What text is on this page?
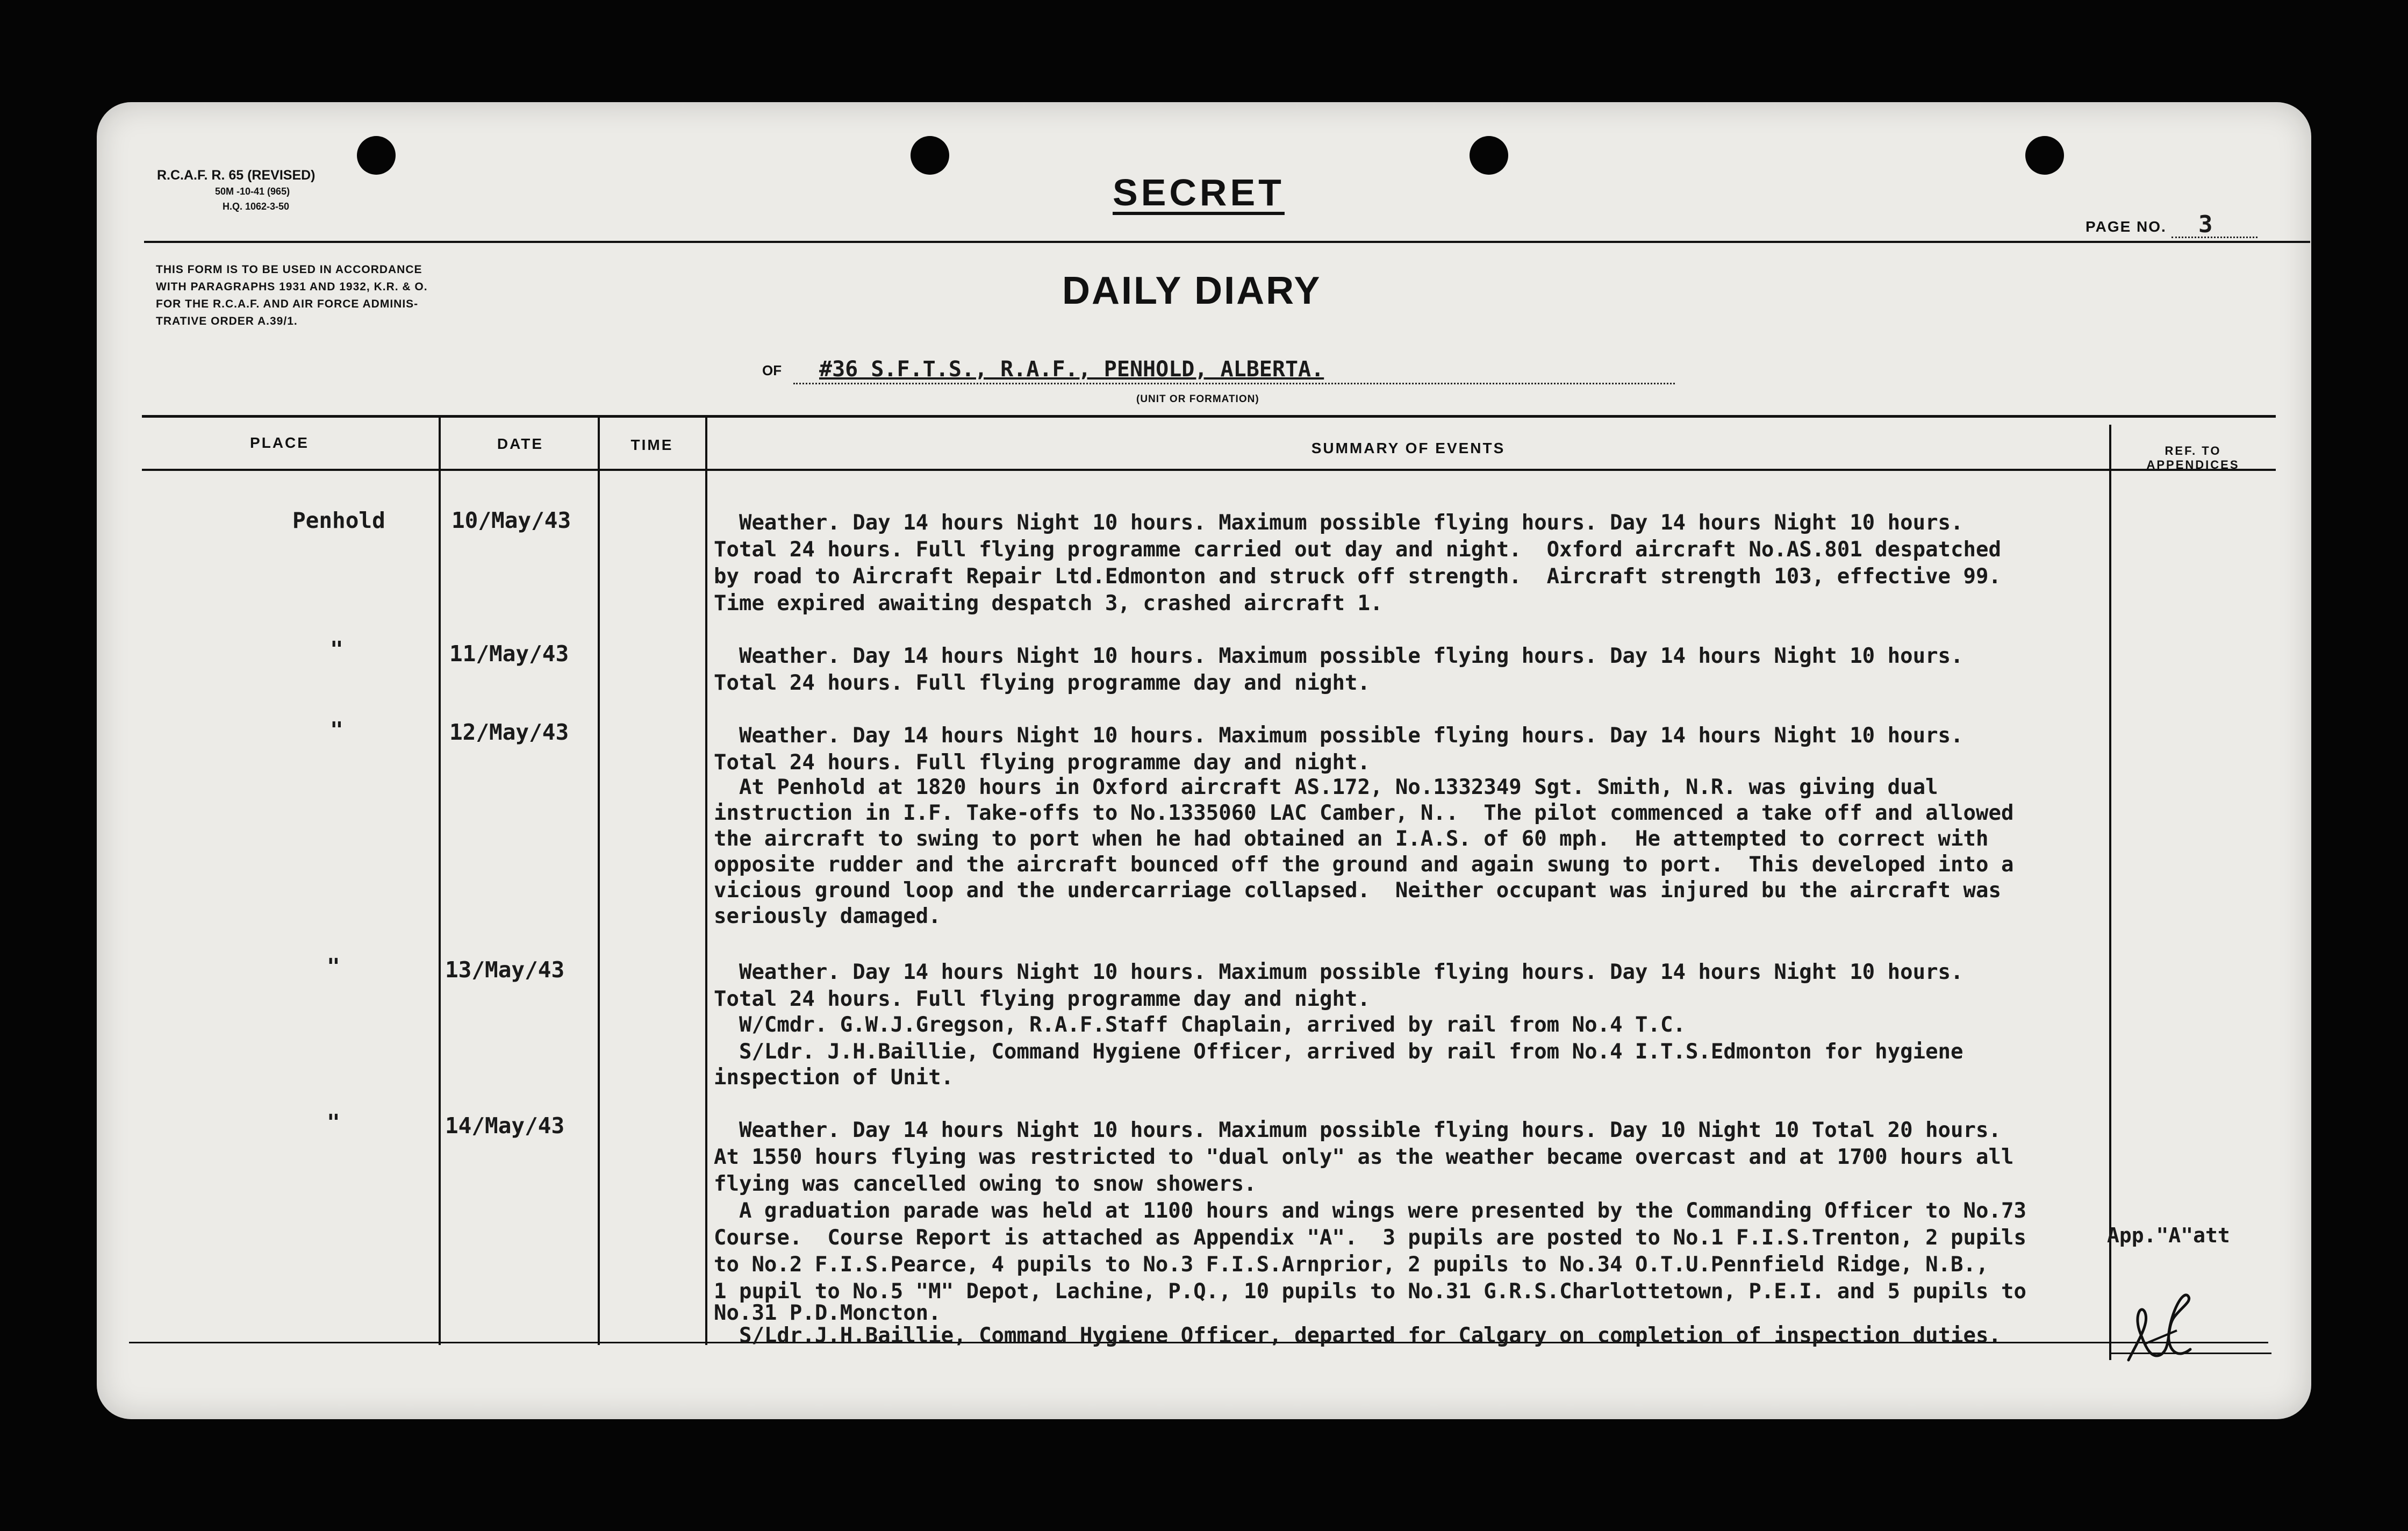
R.C.A.F. R. 65 (REVISED)
50M -10-41 (965)
H.Q. 1062-3-50	SECRET
PAGE NO. 3
THIS FORM IS TO BE USED IN ACCORDANCE
WITH PARAGRAPHS 1931 AND 1932, K.R. & O.
FOR THE R.C.A.F. AND AIR FORCE ADMINIS-
TRATIVE ORDER A.39/1.
DAILY DIARY
OF #36 S.F.T.S., R.A.F., PENHOLD, ALBERTA.
(UNIT OR FORMATION)
PLACE	DATE	TIME	SUMMARY OF EVENTS	REF. TO
APPENDICES
Penhold	10/May/43	Weather. Day 14 hours Night 10 hours. Maximum possible flying hours. Day 14 hours Night 10 hours.
Total 24 hours. Full flying programme carried out day and night.  Oxford aircraft No.AS.801 despatched
by road to Aircraft Repair Ltd.Edmonton and struck off strength.  Aircraft strength 103, effective 99.
Time expired awaiting despatch 3, crashed aircraft 1.
"	11/May/43	Weather. Day 14 hours Night 10 hours. Maximum possible flying hours. Day 14 hours Night 10 hours.
Total 24 hours. Full flying programme day and night.
"	12/May/43	Weather. Day 14 hours Night 10 hours. Maximum possible flying hours. Day 14 hours Night 10 hours.
Total 24 hours. Full flying programme day and night.
At Penhold at 1820 hours in Oxford aircraft AS.172, No.1332349 Sgt. Smith, N.R. was giving dual
instruction in I.F. Take-offs to No.1335060 LAC Camber, N..  The pilot commenced a take off and allowed
the aircraft to swing to port when he had obtained an I.A.S. of 60 mph.  He attempted to correct with
opposite rudder and the aircraft bounced off the ground and again swung to port.  This developed into a
vicious ground loop and the undercarriage collapsed.  Neither occupant was injured bu the aircraft was
seriously damaged.
"	13/May/43	Weather. Day 14 hours Night 10 hours. Maximum possible flying hours. Day 14 hours Night 10 hours.
Total 24 hours. Full flying programme day and night.
W/Cmdr. G.W.J.Gregson, R.A.F.Staff Chaplain, arrived by rail from No.4 T.C.
S/Ldr. J.H.Baillie, Command Hygiene Officer, arrived by rail from No.4 I.T.S.Edmonton for hygiene
inspection of Unit.
"	14/May/43	Weather. Day 14 hours Night 10 hours. Maximum possible flying hours. Day 10 Night 10 Total 20 hours.
At 1550 hours flying was restricted to "dual only" as the weather became overcast and at 1700 hours all
flying was cancelled owing to snow showers.
A graduation parade was held at 1100 hours and wings were presented by the Commanding Officer to No.73
Course.  Course Report is attached as Appendix "A".  3 pupils are posted to No.1 F.I.S.Trenton, 2 pupils
to No.2 F.I.S.Pearce, 4 pupils to No.3 F.I.S.Arnprior, 2 pupils to No.34 O.T.U.Pennfield Ridge, N.B.,
1 pupil to No.5 "M" Depot, Lachine, P.Q., 10 pupils to No.31 G.R.S.Charlottetown, P.E.I. and 5 pupils to
No.31 P.D.Moncton.
S/Ldr.J.H.Baillie, Command Hygiene Officer, departed for Calgary on completion of inspection duties.
App."A"att
